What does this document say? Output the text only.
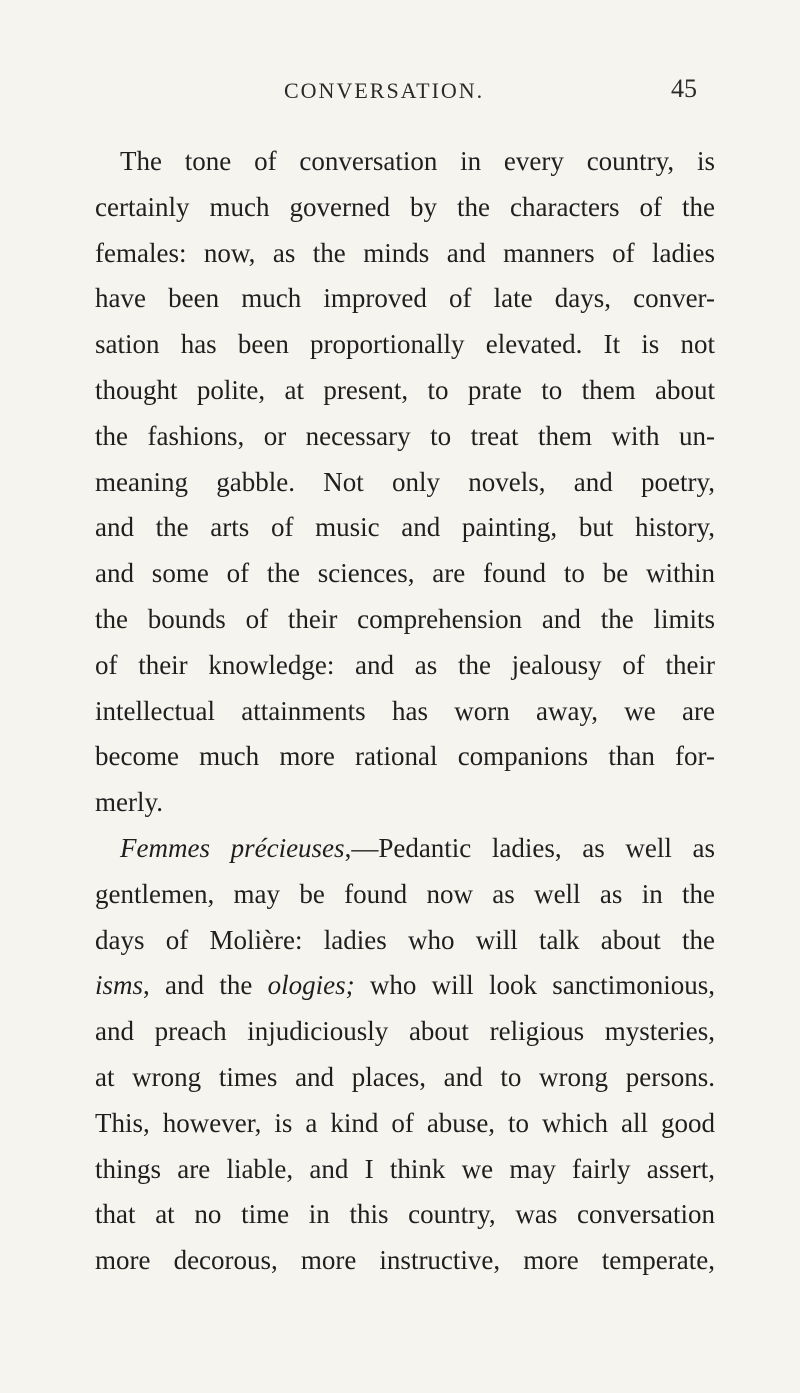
CONVERSATION.	45
The tone of conversation in every country, is
certainly much governed by the characters of the
females: now, as the minds and manners of ladies
have been much improved of late days, conver-
sation has been proportionally elevated. It is not
thought polite, at present, to prate to them about
the fashions, or necessary to treat them with un-
meaning gabble. Not only novels, and poetry,
and the arts of music and painting, but history,
and some of the sciences, are found to be within
the bounds of their comprehension and the limits
of their knowledge: and as the jealousy of their
intellectual attainments has worn away, we are
become much more rational companions than for-
merly.
Femmes précieuses,—Pedantic ladies, as well as
gentlemen, may be found now as well as in the
days of Molière: ladies who will talk about the
isms, and the ologies; who will look sanctimonious,
and preach injudiciously about religious mysteries,
at wrong times and places, and to wrong persons.
This, however, is a kind of abuse, to which all good
things are liable, and I think we may fairly assert,
that at no time in this country, was conversation
more decorous, more instructive, more temperate,
